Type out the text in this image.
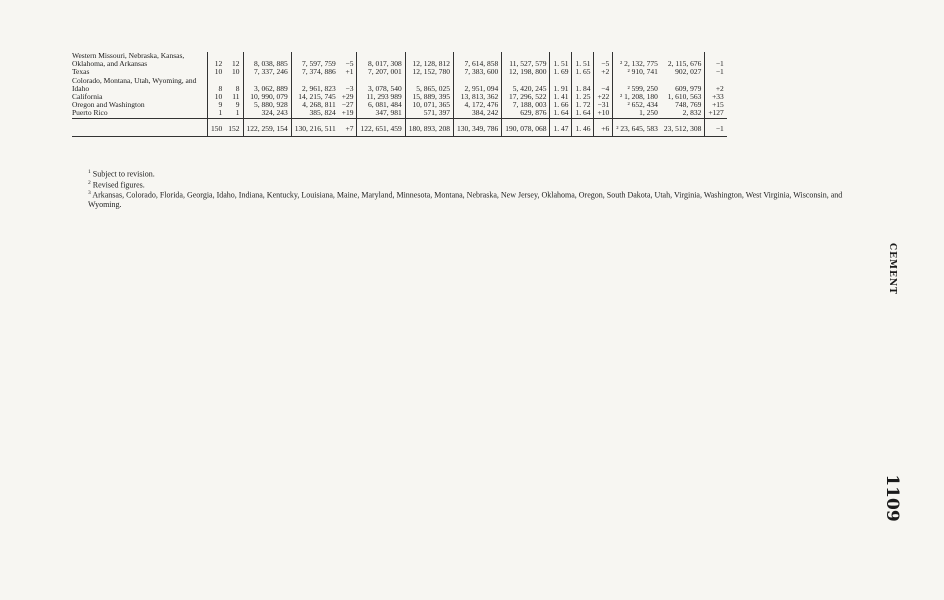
Western Missouri, Nebraska, Kansas, Oklahoma, and Arkansas	12	12	8, 038, 885	7, 597, 759	−5	8, 017, 308	12, 128, 812	7, 614, 858	11, 527, 579	1. 51	1. 51	−5	² 2, 132, 775	2, 115, 676	−1
Texas	10	10	7, 337, 246	7, 374, 886	+1	7, 207, 001	12, 152, 780	7, 383, 600	12, 198, 800	1. 69	1. 65	+2	² 910, 741	902, 027	−1
Colorado, Montana, Utah, Wyoming, and Idaho	8	8	3, 062, 889	2, 961, 823	−3	3, 078, 540	5, 865, 025	2, 951, 094	5, 420, 245	1. 91	1. 84	−4	² 599, 250	609, 979	+2
California	10	11	10, 990, 079	14, 215, 745	+29	11, 293 989	15, 889, 395	13, 813, 362	17, 296, 522	1. 41	1. 25	+22	² 1, 208, 180	1, 610, 563	+33
Oregon and Washington	9	9	5, 880, 928	4, 268, 811	−27	6, 081, 484	10, 071, 365	4, 172, 476	7, 188, 003	1. 66	1. 72	−31	² 652, 434	748, 769	+15
Puerto Rico	1	1	324, 243	385, 824	+19	347, 981	571, 397	384, 242	629, 876	1. 64	1. 64	+10	1, 250	2, 832	+127
	150	152	122, 259, 154	130, 216, 511	+7	122, 651, 459	180, 893, 208	130, 349, 786	190, 078, 068	1. 47	1. 46	+6	² 23, 645, 583	23, 512, 308	−1

$^1$ Subject to revision.

$^2$ Revised figures.

$^3$ Arkansas, Colorado, Florida, Georgia, Idaho, Indiana, Kentucky, Louisiana, Maine, Maryland, Minnesota, Montana, Nebraska, New Jersey, Oklahoma, Oregon, South Dakota, Utah, Virginia, Washington, West Virginia, Wisconsin, and Wyoming.

CEMENT
1109
